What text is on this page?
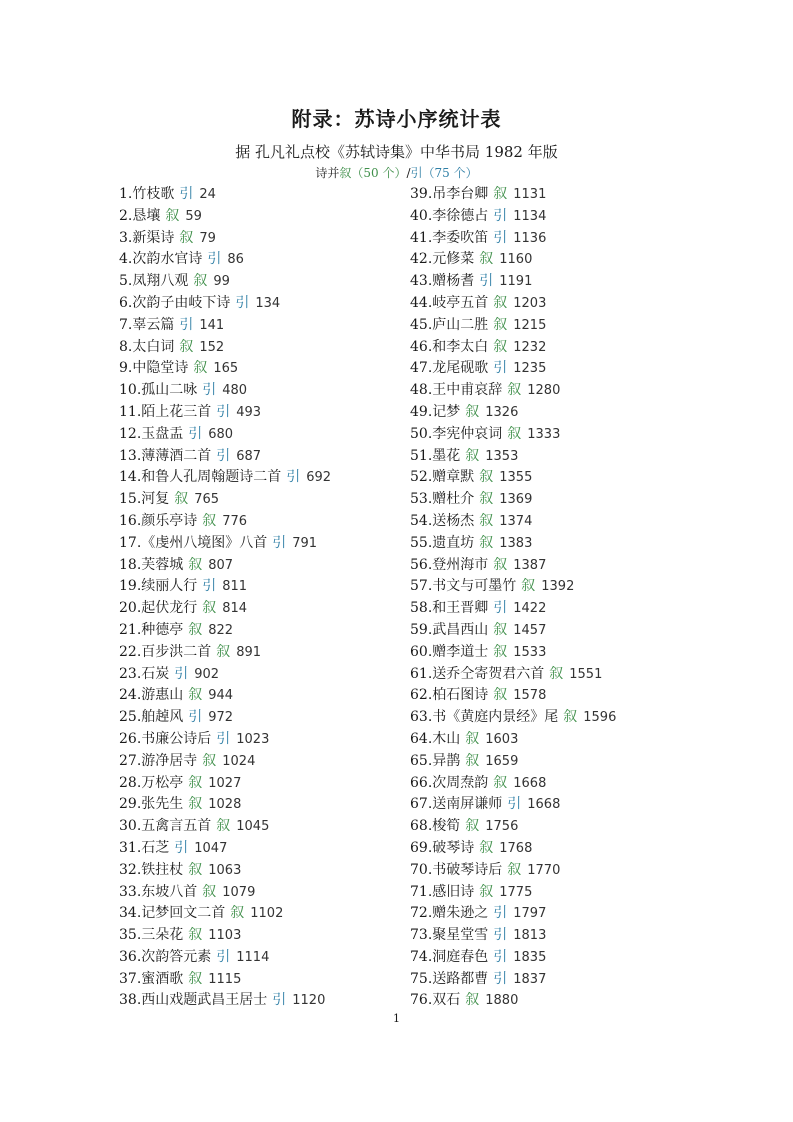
附录：苏诗小序统计表
据 孔凡礼点校《苏轼诗集》中华书局 1982 年版
诗并叙（50 个）/引（75 个）
1.竹枝歌 引 24
2.恳壤 叙 59
3.新渠诗 叙 79
4.次韵水官诗 引 86
5.凤翔八观 叙 99
6.次韵子由岐下诗 引 134
7.辜云篇 引 141
8.太白词 叙 152
9.中隐堂诗 叙 165
10.孤山二咏 引 480
11.陌上花三首 引 493
12.玉盘盂 引 680
13.薄薄酒二首 引 687
14.和鲁人孔周翰题诗二首 引 692
15.河复 叙 765
16.颜乐亭诗 叙 776
17.《虔州八境图》八首 引 791
18.芙蓉城 叙 807
19.续丽人行 引 811
20.起伏龙行 叙 814
21.种德亭 叙 822
22.百步洪二首 叙 891
23.石炭 引 902
24.游惠山 叙 944
25.舶趠风 引 972
26.书廉公诗后 引 1023
27.游净居寺 叙 1024
28.万松亭 叙 1027
29.张先生 叙 1028
30.五禽言五首 叙 1045
31.石芝 引 1047
32.铁拄杖 叙 1063
33.东坡八首 叙 1079
34.记梦回文二首 叙 1102
35.三朵花 叙 1103
36.次韵答元素 引 1114
37.蜜酒歌 叙 1115
38.西山戏题武昌王居士 引 1120
39.吊李台卿 叙 1131
40.李徐德占 引 1134
41.李委吹笛 引 1136
42.元修菜 叙 1160
43.赠杨耆 引 1191
44.岐亭五首 叙 1203
45.庐山二胜 叙 1215
46.和李太白 叙 1232
47.龙尾砚歌 引 1235
48.王中甫哀辞 叙 1280
49.记梦 叙 1326
50.李宪仲哀词 叙 1333
51.墨花 叙 1353
52.赠章默 叙 1355
53.赠杜介 叙 1369
54.送杨杰 叙 1374
55.遗直坊 叙 1383
56.登州海市 叙 1387
57.书文与可墨竹 叙 1392
58.和王晋卿 引 1422
59.武昌西山 叙 1457
60.赠李道士 叙 1533
61.送乔仝寄贺君六首 叙 1551
62.柏石图诗 叙 1578
63.书《黄庭内景经》尾 叙 1596
64.木山 叙 1603
65.异鹊 叙 1659
66.次周焘韵 叙 1668
67.送南屏谦师 引 1668
68.梭筍 叙 1756
69.破琴诗 叙 1768
70.书破琴诗后 叙 1770
71.感旧诗 叙 1775
72.赠朱逊之 引 1797
73.聚星堂雪 引 1813
74.洞庭春色 引 1835
75.送路都曹 引 1837
76.双石 叙 1880
1
